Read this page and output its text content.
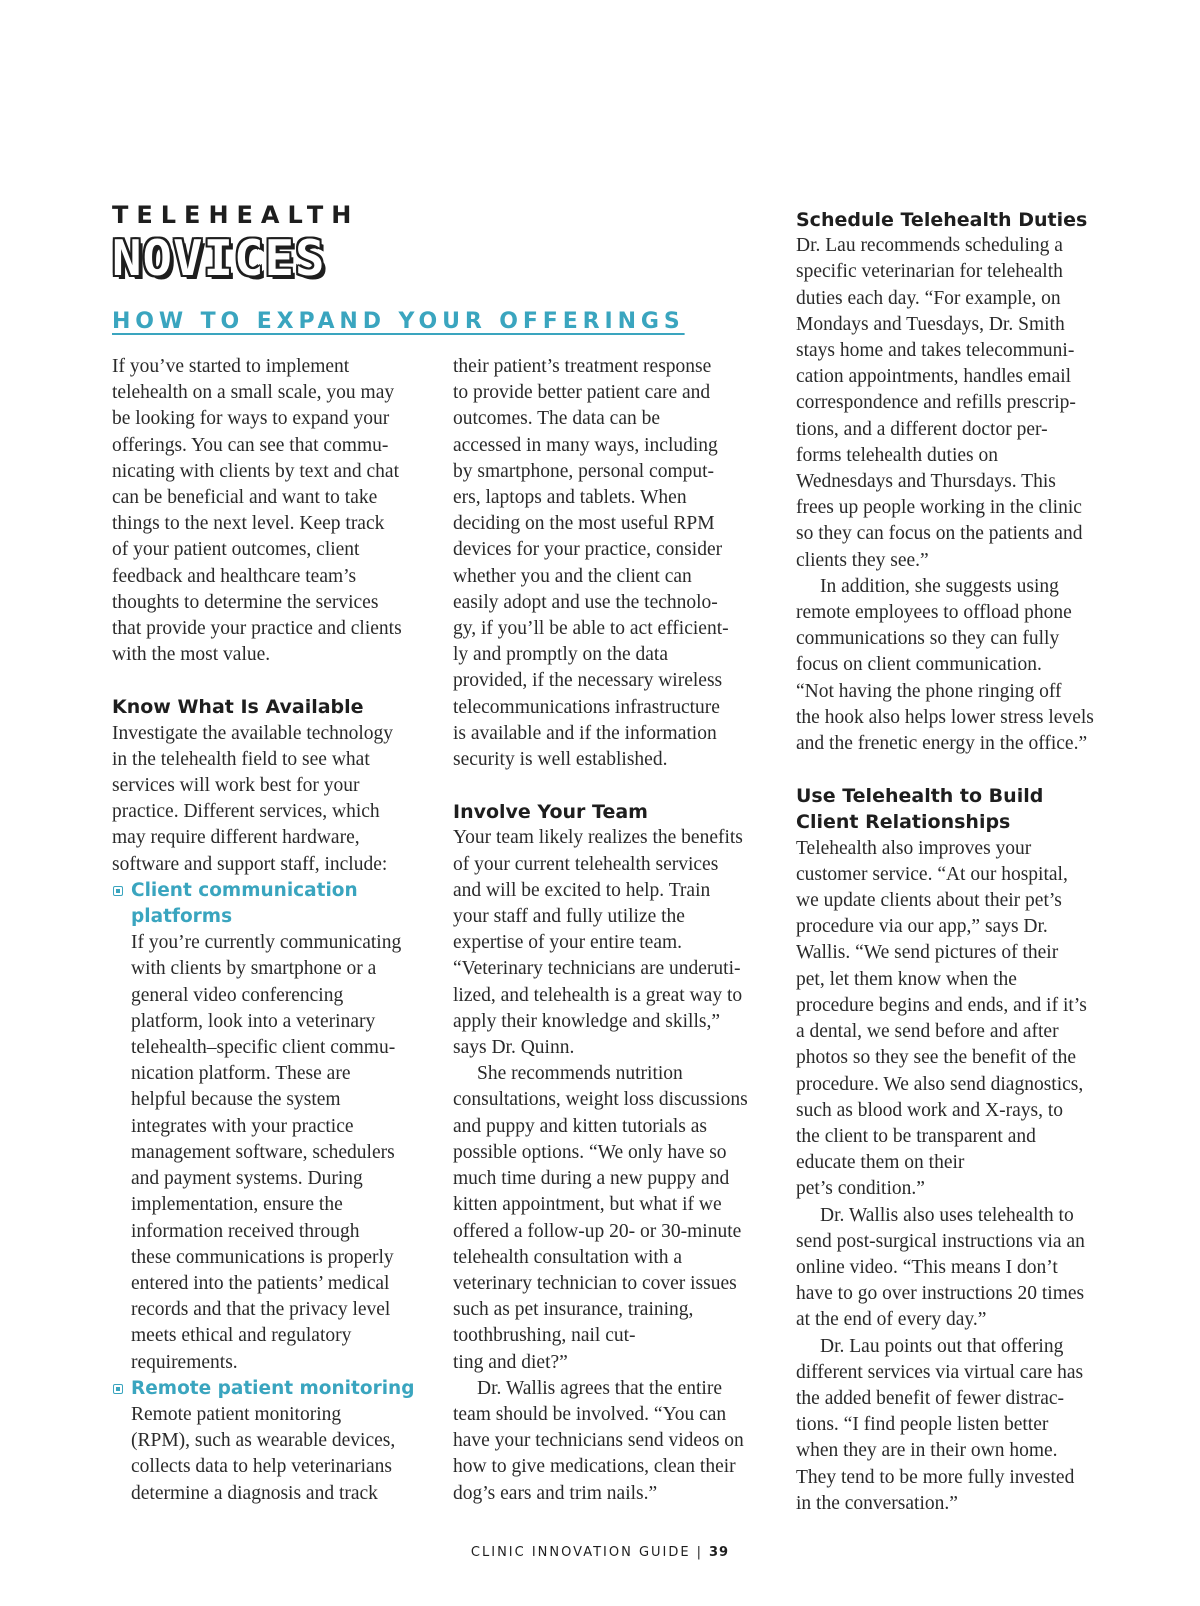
TELEHEALTH
NOVICES
HOW TO EXPAND YOUR OFFERINGS

If you’ve started to implement
telehealth on a small scale, you may
be looking for ways to expand your
offerings. You can see that commu-
nicating with clients by text and chat
can be beneficial and want to take
things to the next level. Keep track
of your patient outcomes, client
feedback and healthcare team’s
thoughts to determine the services
that provide your practice and clients
with the most value.

Know What Is Available

Investigate the available technology
in the telehealth field to see what
services will work best for your
practice. Different services, which
may require different hardware,
software and support staff, include:

Client communication
platforms

If you’re currently communicating
with clients by smartphone or a
general video conferencing
platform, look into a veterinary
telehealth–specific client commu-
nication platform. These are
helpful because the system
integrates with your practice
management software, schedulers
and payment systems. During
implementation, ensure the
information received through
these communications is properly
entered into the patients’ medical
records and that the privacy level
meets ethical and regulatory
requirements.

Remote patient monitoring

Remote patient monitoring
(RPM), such as wearable devices,
collects data to help veterinarians
determine a diagnosis and track

their patient’s treatment response
to provide better patient care and
outcomes. The data can be
accessed in many ways, including
by smartphone, personal comput-
ers, laptops and tablets. When
deciding on the most useful RPM
devices for your practice, consider
whether you and the client can
easily adopt and use the technolo-
gy, if you’ll be able to act efficient-
ly and promptly on the data
provided, if the necessary wireless
telecommunications infrastructure
is available and if the information
security is well established.

Involve Your Team

Your team likely realizes the benefits
of your current telehealth services
and will be excited to help. Train
your staff and fully utilize the
expertise of your entire team.
“Veterinary technicians are underuti-
lized, and telehealth is a great way to
apply their knowledge and skills,”
says Dr. Quinn.

She recommends nutrition
consultations, weight loss discussions
and puppy and kitten tutorials as
possible options. “We only have so
much time during a new puppy and
kitten appointment, but what if we
offered a follow-up 20- or 30-minute
telehealth consultation with a
veterinary technician to cover issues
such as pet insurance, training,
toothbrushing, nail cut-
ting and diet?”

Dr. Wallis agrees that the entire
team should be involved. “You can
have your technicians send videos on
how to give medications, clean their
dog’s ears and trim nails.”

Schedule Telehealth Duties

Dr. Lau recommends scheduling a
specific veterinarian for telehealth
duties each day. “For example, on
Mondays and Tuesdays, Dr. Smith
stays home and takes telecommuni-
cation appointments, handles email
correspondence and refills prescrip-
tions, and a different doctor per-
forms telehealth duties on
Wednesdays and Thursdays. This
frees up people working in the clinic
so they can focus on the patients and
clients they see.”

In addition, she suggests using
remote employees to offload phone
communications so they can fully
focus on client communication.
“Not having the phone ringing off
the hook also helps lower stress levels
and the frenetic energy in the office.”

Use Telehealth to Build
Client Relationships

Telehealth also improves your
customer service. “At our hospital,
we update clients about their pet’s
procedure via our app,” says Dr.
Wallis. “We send pictures of their
pet, let them know when the
procedure begins and ends, and if it’s
a dental, we send before and after
photos so they see the benefit of the
procedure. We also send diagnostics,
such as blood work and X-rays, to
the client to be transparent and
educate them on their
pet’s condition.”

Dr. Wallis also uses telehealth to
send post-surgical instructions via an
online video. “This means I don’t
have to go over instructions 20 times
at the end of every day.”

Dr. Lau points out that offering
different services via virtual care has
the added benefit of fewer distrac-
tions. “I find people listen better
when they are in their own home.
They tend to be more fully invested
in the conversation.”

CLINIC INNOVATION GUIDE | 39
